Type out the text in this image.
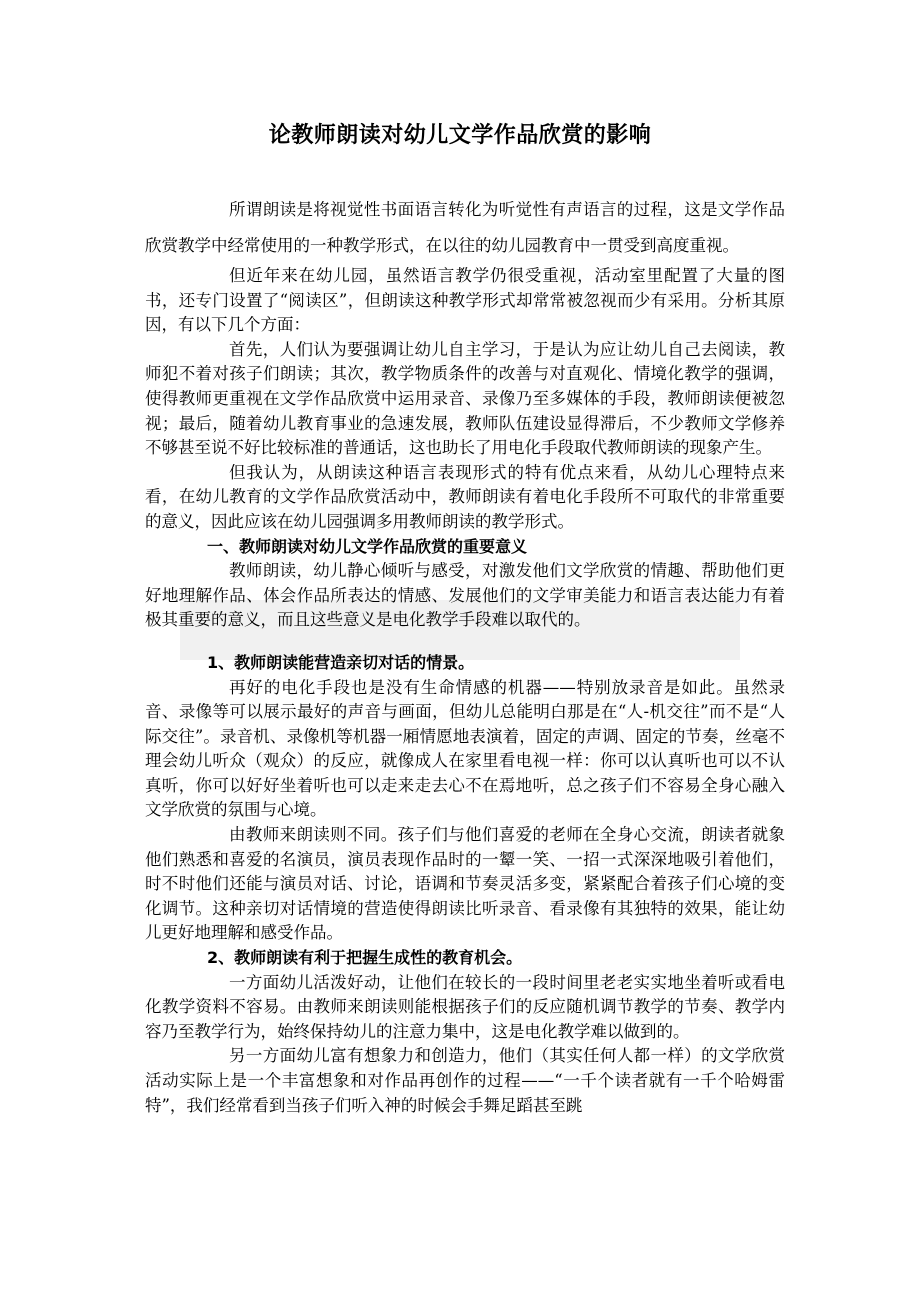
论教师朗读对幼儿文学作品欣赏的影响

所谓朗读是将视觉性书面语言转化为听觉性有声语言的过程，这是文学作品欣赏教学中经常使用的一种教学形式，在以往的幼儿园教育中一贯受到高度重视。

但近年来在幼儿园，虽然语言教学仍很受重视，活动室里配置了大量的图书，还专门设置了“阅读区”，但朗读这种教学形式却常常被忽视而少有采用。分析其原因，有以下几个方面：

首先，人们认为要强调让幼儿自主学习，于是认为应让幼儿自己去阅读，教师犯不着对孩子们朗读；其次，教学物质条件的改善与对直观化、情境化教学的强调，使得教师更重视在文学作品欣赏中运用录音、录像乃至多媒体的手段，教师朗读便被忽视；最后，随着幼儿教育事业的急速发展，教师队伍建设显得滞后，不少教师文学修养不够甚至说不好比较标准的普通话，这也助长了用电化手段取代教师朗读的现象产生。

但我认为，从朗读这种语言表现形式的特有优点来看，从幼儿心理特点来看，在幼儿教育的文学作品欣赏活动中，教师朗读有着电化手段所不可取代的非常重要的意义，因此应该在幼儿园强调多用教师朗读的教学形式。

一、教师朗读对幼儿文学作品欣赏的重要意义

教师朗读，幼儿静心倾听与感受，对激发他们文学欣赏的情趣、帮助他们更好地理解作品、体会作品所表达的情感、发展他们的文学审美能力和语言表达能力有着极其重要的意义，而且这些意义是电化教学手段难以取代的。

1、教师朗读能营造亲切对话的情景。

再好的电化手段也是没有生命情感的机器——特别放录音是如此。虽然录音、录像等可以展示最好的声音与画面，但幼儿总能明白那是在“人-机交往”而不是“人际交往”。录音机、录像机等机器一厢情愿地表演着，固定的声调、固定的节奏，丝毫不理会幼儿听众（观众）的反应，就像成人在家里看电视一样：你可以认真听也可以不认真听，你可以好好坐着听也可以走来走去心不在焉地听，总之孩子们不容易全身心融入文学欣赏的氛围与心境。

由教师来朗读则不同。孩子们与他们喜爱的老师在全身心交流，朗读者就象他们熟悉和喜爱的名演员，演员表现作品时的一颦一笑、一招一式深深地吸引着他们，时不时他们还能与演员对话、讨论，语调和节奏灵活多变，紧紧配合着孩子们心境的变化调节。这种亲切对话情境的营造使得朗读比听录音、看录像有其独特的效果，能让幼儿更好地理解和感受作品。

2、教师朗读有利于把握生成性的教育机会。

一方面幼儿活泼好动，让他们在较长的一段时间里老老实实地坐着听或看电化教学资料不容易。由教师来朗读则能根据孩子们的反应随机调节教学的节奏、教学内容乃至教学行为，始终保持幼儿的注意力集中，这是电化教学难以做到的。

另一方面幼儿富有想象力和创造力，他们（其实任何人都一样）的文学欣赏活动实际上是一个丰富想象和对作品再创作的过程——“一千个读者就有一千个哈姆雷特”，我们经常看到当孩子们听入神的时候会手舞足蹈甚至跳
